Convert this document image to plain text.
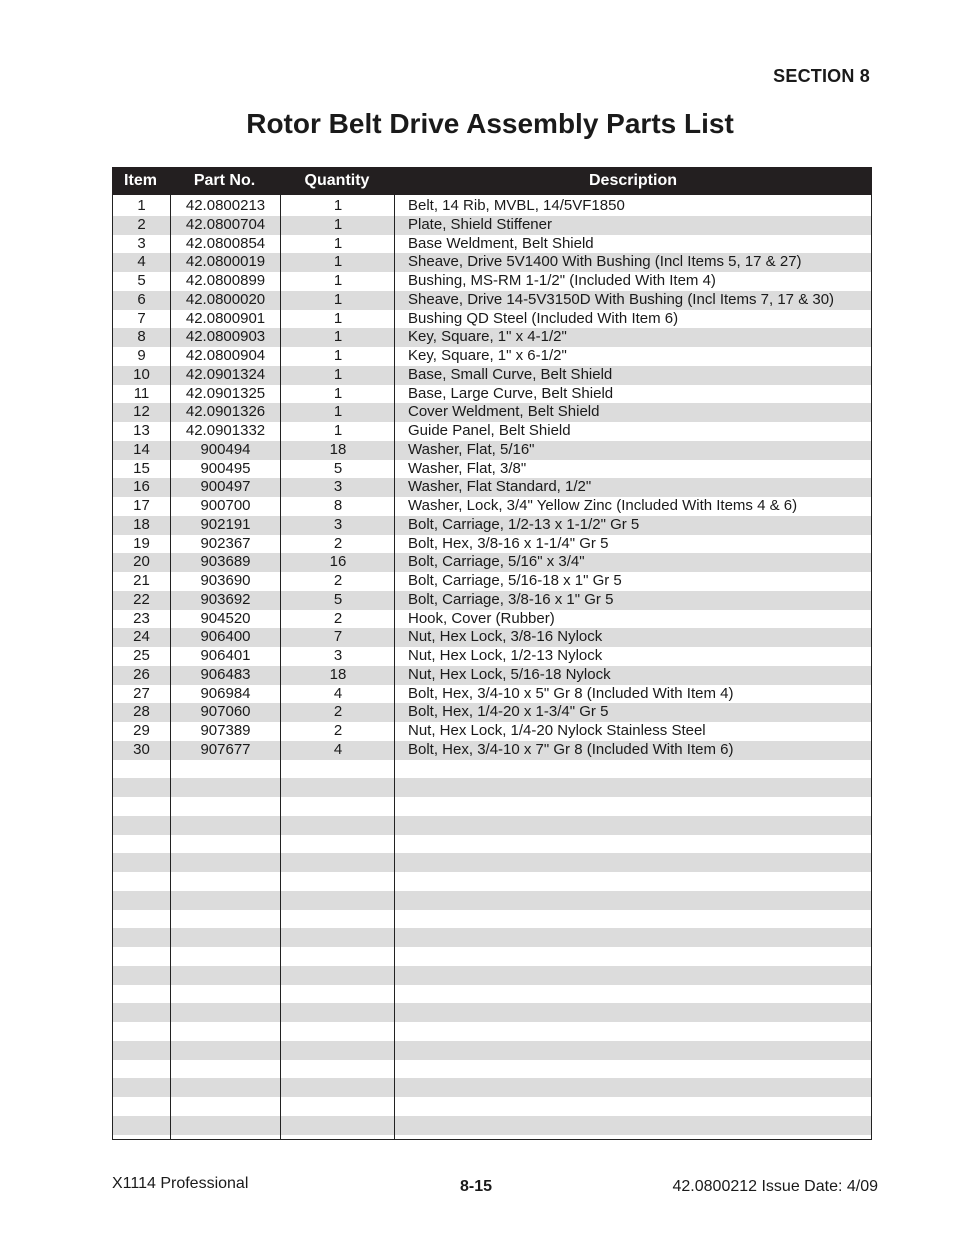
SECTION 8
Rotor Belt Drive Assembly Parts List
Item	Part No.	Quantity	Description
1	42.0800213	1	Belt, 14 Rib, MVBL, 14/5VF1850
2	42.0800704	1	Plate, Shield Stiffener
3	42.0800854	1	Base Weldment, Belt Shield
4	42.0800019	1	Sheave, Drive 5V1400 With Bushing (Incl Items 5, 17 & 27)
5	42.0800899	1	Bushing, MS-RM 1-1/2" (Included With Item 4)
6	42.0800020	1	Sheave, Drive 14-5V3150D With Bushing (Incl Items 7, 17 & 30)
7	42.0800901	1	Bushing QD Steel (Included With Item 6)
8	42.0800903	1	Key, Square, 1" x 4-1/2"
9	42.0800904	1	Key, Square, 1" x 6-1/2"
10	42.0901324	1	Base, Small Curve, Belt Shield
11	42.0901325	1	Base, Large Curve, Belt Shield
12	42.0901326	1	Cover Weldment, Belt Shield
13	42.0901332	1	Guide Panel, Belt Shield
14	900494	18	Washer, Flat, 5/16"
15	900495	5	Washer, Flat, 3/8"
16	900497	3	Washer, Flat Standard, 1/2"
17	900700	8	Washer, Lock, 3/4" Yellow Zinc (Included With Items 4 & 6)
18	902191	3	Bolt, Carriage, 1/2-13 x 1-1/2" Gr 5
19	902367	2	Bolt, Hex, 3/8-16 x 1-1/4" Gr 5
20	903689	16	Bolt, Carriage, 5/16" x 3/4"
21	903690	2	Bolt, Carriage, 5/16-18 x 1" Gr 5
22	903692	5	Bolt, Carriage, 3/8-16 x 1" Gr 5
23	904520	2	Hook, Cover (Rubber)
24	906400	7	Nut, Hex Lock, 3/8-16 Nylock
25	906401	3	Nut, Hex Lock, 1/2-13 Nylock
26	906483	18	Nut, Hex Lock, 5/16-18 Nylock
27	906984	4	Bolt, Hex, 3/4-10 x 5" Gr 8 (Included With Item 4)
28	907060	2	Bolt, Hex, 1/4-20 x 1-3/4" Gr 5
29	907389	2	Nut, Hex Lock, 1/4-20 Nylock Stainless Steel
30	907677	4	Bolt, Hex, 3/4-10 x 7" Gr 8 (Included With Item 6)
X1114 Professional	8-15	42.0800212 Issue Date: 4/09
